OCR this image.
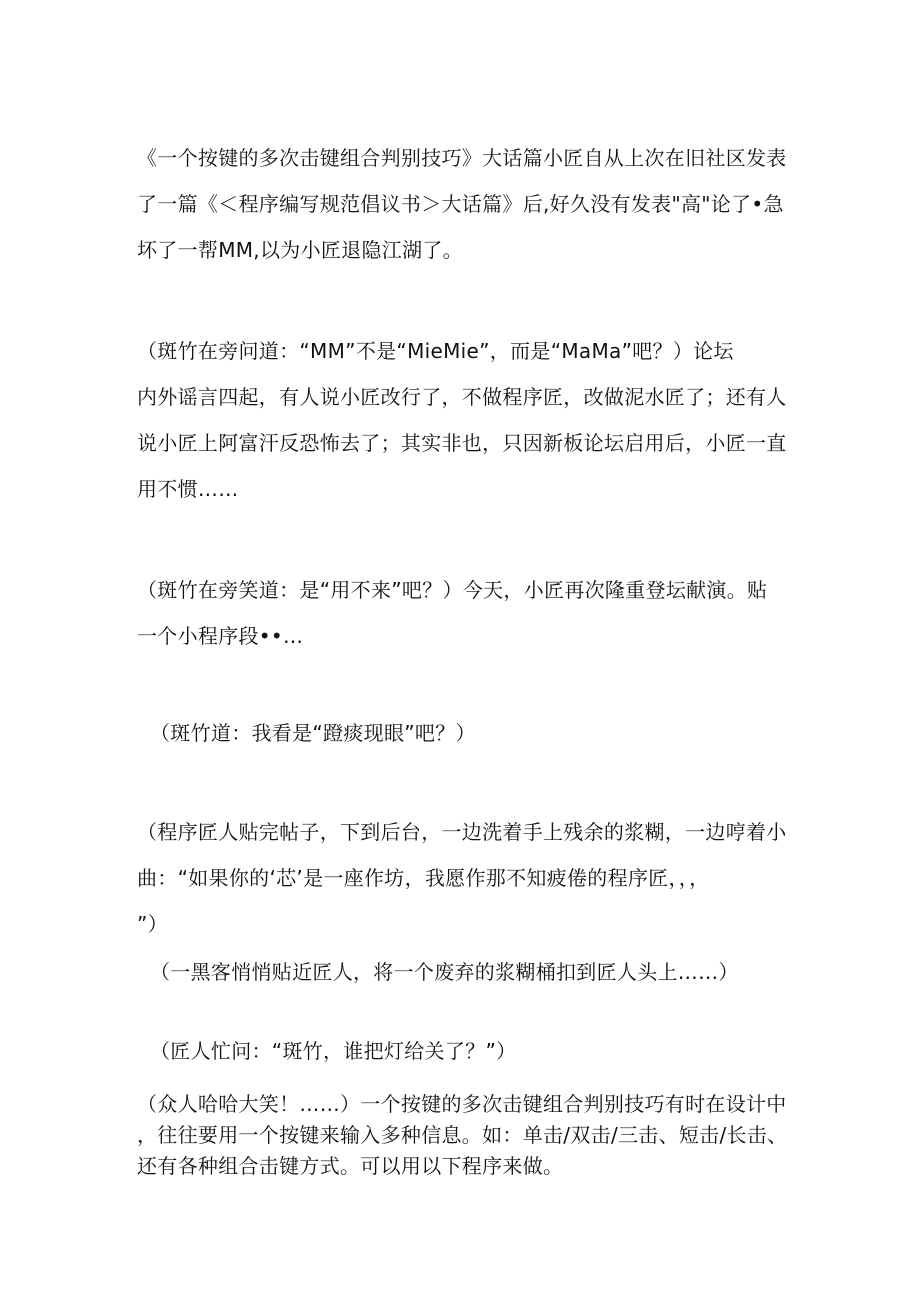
《一个按键的多次击键组合判别技巧》大话篇小匠自从上次在旧社区发表

了一篇《＜程序编写规范倡议书＞大话篇》后,好久没有发表"高"论了•急

坏了一帮MM,以为小匠退隐江湖了。

（斑竹在旁问道：“MM”不是“MieMie”，而是“MaMa”吧？）论坛

内外谣言四起，有人说小匠改行了，不做程序匠，改做泥水匠了；还有人

说小匠上阿富汗反恐怖去了；其实非也，只因新板论坛启用后，小匠一直

用不惯……

（斑竹在旁笑道：是“用不来”吧？）今天，小匠再次隆重登坛献演。贴

一个小程序段••…

（斑竹道：我看是“蹬痰现眼”吧？）

（程序匠人贴完帖子，下到后台，一边洗着手上残余的浆糊，一边哼着小

曲：“如果你的‘芯’是一座作坊，我愿作那不知疲倦的程序匠，，，

”）

（一黑客悄悄贴近匠人，将一个废弃的浆糊桶扣到匠人头上……）

（匠人忙问：“斑竹，谁把灯给关了？”）

（众人哈哈大笑！……）一个按键的多次击键组合判别技巧有时在设计中

，往往要用一个按键来输入多种信息。如：单击/双击/三击、短击/长击、

还有各种组合击键方式。可以用以下程序来做。
